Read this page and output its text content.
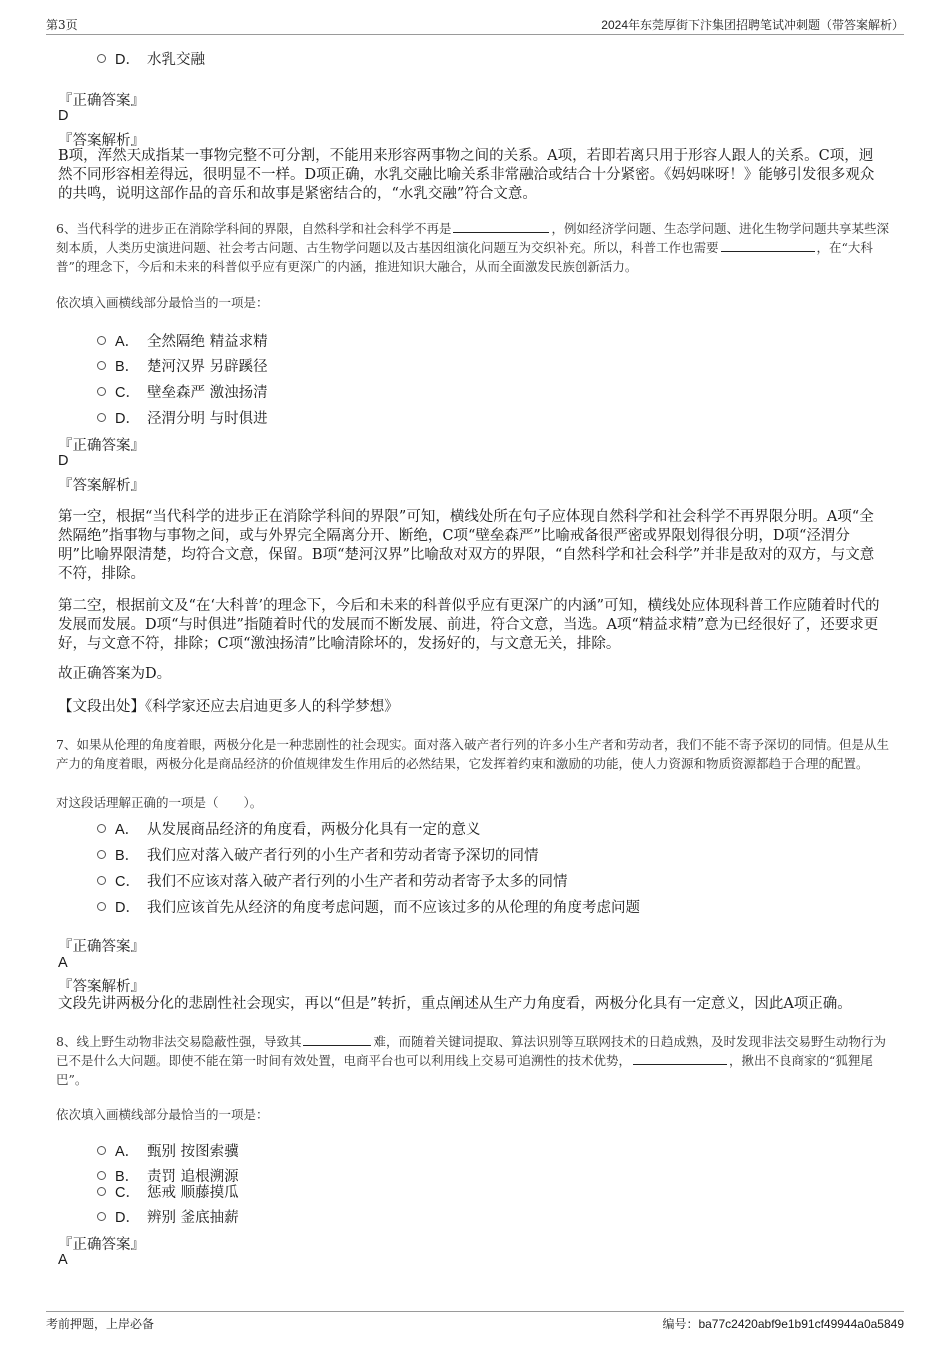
第3页	2024年东莞厚街下汴集团招聘笔试冲刺题（带答案解析）
D． 水乳交融
『正确答案』
D
『答案解析』
B项，浑然天成指某一事物完整不可分割，不能用来形容两事物之间的关系。A项，若即若离只用于形容人跟人的关系。C项，迥然不同形容相差得远，很明显不一样。D项正确，水乳交融比喻关系非常融洽或结合十分紧密。《妈妈咪呀！》能够引发很多观众的共鸣，说明这部作品的音乐和故事是紧密结合的，“水乳交融”符合文意。
6、当代科学的进步正在消除学科间的界限，自然科学和社会科学不再是	，例如经济学问题、生态学问题、进化生物学问题共享某些深刻本质，人类历史演进问题、社会考古问题、古生物学问题以及古基因组演化问题互为交织补充。所以，科普工作也需要	，在“大科普”的理念下，今后和未来的科普似乎应有更深广的内涵，推进知识大融合，从而全面激发民族创新活力。
依次填入画横线部分最恰当的一项是：
A． 全然隔绝 精益求精
B． 楚河汉界 另辟蹊径
C． 壁垒森严 激浊扬清
D． 泾渭分明 与时俱进
『正确答案』
D
『答案解析』
第一空，根据“当代科学的进步正在消除学科间的界限”可知，横线处所在句子应体现自然科学和社会科学不再界限分明。A项“全然隔绝”指事物与事物之间，或与外界完全隔离分开、断绝，C项“壁垒森严”比喻戒备很严密或界限划得很分明，D项“泾渭分明”比喻界限清楚，均符合文意，保留。B项“楚河汉界”比喻敌对双方的界限，“自然科学和社会科学”并非是敌对的双方，与文意不符，排除。
第二空，根据前文及“在‘大科普’的理念下，今后和未来的科普似乎应有更深广的内涵”可知，横线处应体现科普工作应随着时代的发展而发展。D项“与时俱进”指随着时代的发展而不断发展、前进，符合文意，当选。A项“精益求精”意为已经很好了，还要求更好，与文意不符，排除；C项“激浊扬清”比喻清除坏的，发扬好的，与文意无关，排除。
故正确答案为D。
【文段出处】《科学家还应去启迪更多人的科学梦想》
7、如果从伦理的角度着眼，两极分化是一种悲剧性的社会现实。面对落入破产者行列的许多小生产者和劳动者，我们不能不寄予深切的同情。但是从生产力的角度着眼，两极分化是商品经济的价值规律发生作用后的必然结果，它发挥着约束和激励的功能，使人力资源和物质资源都趋于合理的配置。
对这段话理解正确的一项是（　　）。
A． 从发展商品经济的角度看，两极分化具有一定的意义
B． 我们应对落入破产者行列的小生产者和劳动者寄予深切的同情
C． 我们不应该对落入破产者行列的小生产者和劳动者寄予太多的同情
D． 我们应该首先从经济的角度考虑问题，而不应该过多的从伦理的角度考虑问题
『正确答案』
A
『答案解析』
文段先讲两极分化的悲剧性社会现实，再以“但是”转折，重点阐述从生产力角度看，两极分化具有一定意义，因此A项正确。
8、线上野生动物非法交易隐蔽性强，导致其	难，而随着关键词提取、算法识别等互联网技术的日趋成熟，及时发现非法交易野生动物行为已不是什么大问题。即使不能在第一时间有效处置，电商平台也可以利用线上交易可追溯性的技术优势，	，揪出不良商家的“狐狸尾巴”。
依次填入画横线部分最恰当的一项是：
A． 甄别 按图索骥
B． 责罚 追根溯源
C． 惩戒 顺藤摸瓜
D． 辨别 釜底抽薪
『正确答案』
A
考前押题，上岸必备	编号：ba77c2420abf9e1b91cf49944a0a5849
